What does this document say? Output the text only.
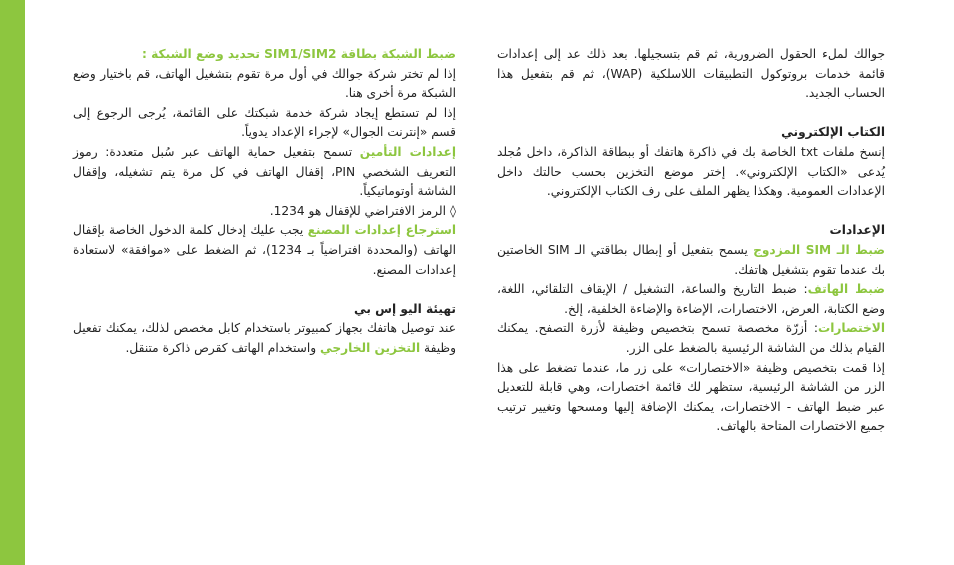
جوالك لملء الحقول الضرورية، ثم قم بتسجيلها. بعد ذلك عد إلى إعدادات قائمة خدمات بروتوكول التطبيقات اللاسلكية (WAP)، ثم قم بتفعيل هذا الحساب الجديد.

الكتاب الإلكتروني

إنسخ ملفات txt الخاصة بك في ذاكرة هاتفك أو ببطاقة الذاكرة، داخل مُجلد يُدعى «الكتاب الإلكتروني». إختر موضع التخزين بحسب حالتك داخل الإعدادات العمومية. وهكذا يظهر الملف على رف الكتاب الإلكتروني.

الإعدادات

ضبط الـ SIM المزدوج يسمح بتفعيل أو إبطال بطاقتي الـ SIM الخاصتين بك عندما تقوم بتشغيل هاتفك.

ضبط الهاتف: ضبط التاريخ والساعة، التشغيل / الإيقاف التلقائي، اللغة، وضع الكتابة، العرض، الاختصارات، الإضاءة والإضاءة الخلفية، إلخ.

الاختصارات: أزرّة مخصصة تسمح بتخصيص وظيفة لأزرة التصفح. يمكنك القيام بذلك من الشاشة الرئيسية بالضغط على الزر.

إذا قمت بتخصيص وظيفة «الاختصارات» على زر ما، عندما تضغط على هذا الزر من الشاشة الرئيسية، ستظهر لك قائمة اختصارات، وهي قابلة للتعديل عبر ضبط الهاتف - الاختصارات، يمكنك الإضافة إليها ومسحها وتغيير ترتيب جميع الاختصارات المتاحة بالهاتف.

ضبط الشبكة بطاقة SIM1/SIM2 تحديد وضع الشبكة :

إذا لم تختر شركة جوالك في أول مرة تقوم بتشغيل الهاتف، قم باختيار وضع الشبكة مرة أخرى هنا.

إذا لم تستطع إيجاد شركة خدمة شبكتك على القائمة، يُرجى الرجوع إلى قسم «إنترنت الجوال» لإجراء الإعداد يدوياً.

إعدادات التأمين تسمح بتفعيل حماية الهاتف عبر سُبل متعددة: رموز التعريف الشخصي PIN، إقفال الهاتف في كل مرة يتم تشغيله، وإقفال الشاشة أوتوماتيكياً.

◊الرمز الافتراضي للإقفال هو 1234.

استرجاع إعدادات المصنع يجب عليك إدخال كلمة الدخول الخاصة بإقفال الهاتف (والمحددة افتراضياً بـ 1234)، ثم الضغط على «موافقة» لاستعادة إعدادات المصنع.

تهيئة اليو إس بي

عند توصيل هاتفك بجهاز كمبيوتر باستخدام كابل مخصص لذلك، يمكنك تفعيل وظيفة التخزين الخارجي واستخدام الهاتف كقرص ذاكرة متنقل.
